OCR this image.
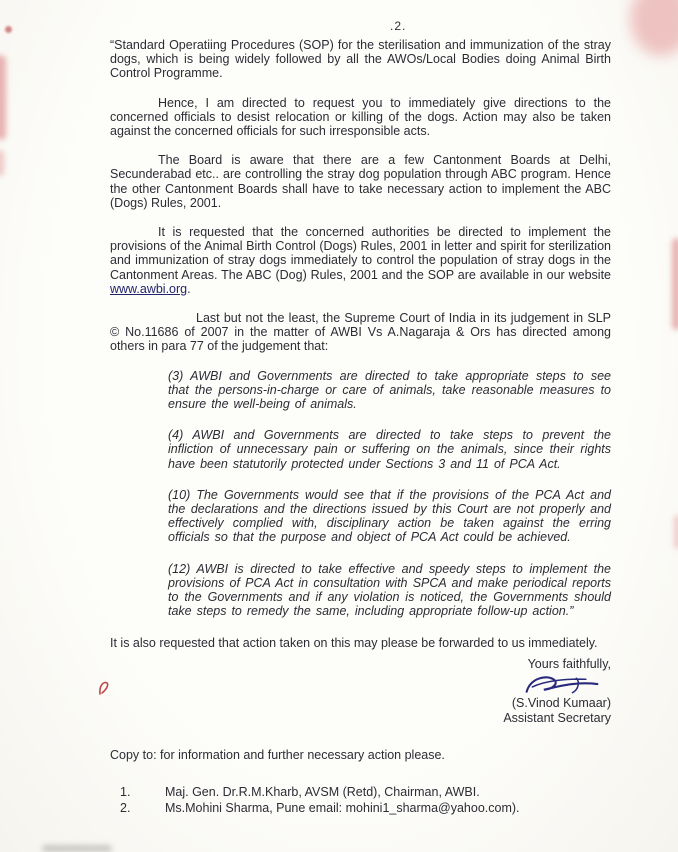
.2.

“Standard Operatiing Procedures (SOP) for the sterilisation and immunization of the stray dogs, which is being widely followed by all the AWOs/Local Bodies doing Animal Birth Control Programme.

Hence, I am directed to request you to immediately give directions to the concerned officials to desist relocation or killing of the dogs. Action may also be taken against the concerned officials for such irresponsible acts.

The Board is aware that there are a few Cantonment Boards at Delhi, Secunderabad etc.. are controlling the stray dog population through ABC program. Hence the other Cantonment Boards shall have to take necessary action to implement the ABC (Dogs) Rules, 2001.

It is requested that the concerned authorities be directed to implement the provisions of the Animal Birth Control (Dogs) Rules, 2001 in letter and spirit for sterilization and immunization of stray dogs immediately to control the population of stray dogs in the Cantonment Areas. The ABC (Dog) Rules, 2001 and the SOP are available in our website www.awbi.org.

Last but not the least, the Supreme Court of India in its judgement in SLP © No.11686 of 2007 in the matter of AWBI Vs A.Nagaraja & Ors has directed among others in para 77 of the judgement that:

(3) AWBI and Governments are directed to take appropriate steps to see that the persons-in-charge or care of animals, take reasonable measures to ensure the well-being of animals.

(4) AWBI and Governments are directed to take steps to prevent the infliction of unnecessary pain or suffering on the animals, since their rights have been statutorily protected under Sections 3 and 11 of PCA Act.

(10) The Governments would see that if the provisions of the PCA Act and the declarations and the directions issued by this Court are not properly and effectively complied with, disciplinary action be taken against the erring officials so that the purpose and object of PCA Act could be achieved.

(12) AWBI is directed to take effective and speedy steps to implement the provisions of PCA Act in consultation with SPCA and make periodical reports to the Governments and if any violation is noticed, the Governments should take steps to remedy the same, including appropriate follow-up action.”

It is also requested that action taken on this may please be forwarded to us immediately.

Yours faithfully,
(S.Vinod Kumaar)
Assistant Secretary

Copy to: for information and further necessary action please.

1.	Maj. Gen. Dr.R.M.Kharb, AVSM (Retd), Chairman, AWBI.
2.	Ms.Mohini Sharma, Pune email: mohini1_sharma@yahoo.com).
